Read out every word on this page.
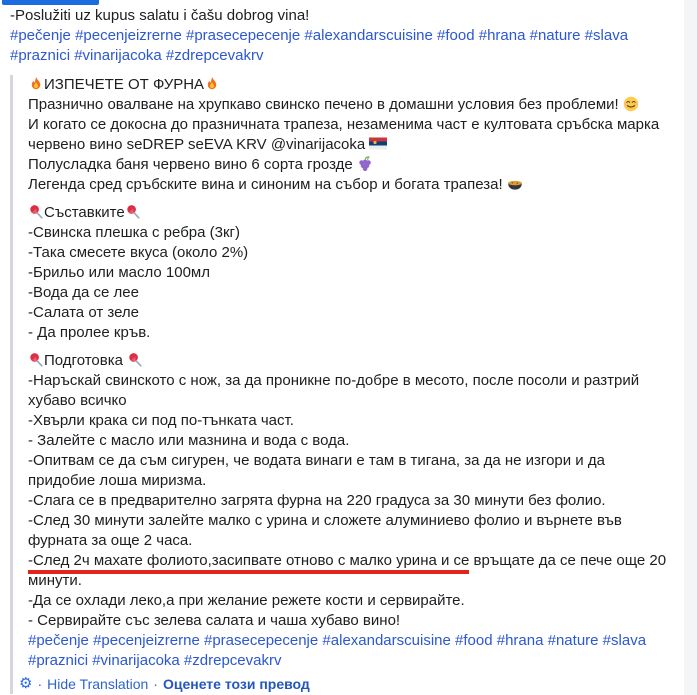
-Poslužiti uz kupus salatu i čašu dobrog vina!
#pečenje #pecenjeizrerne #prasecepecenje #alexandarscuisine #food #hrana #nature #slava #praznici #vinarijacoka #zdrepcevakrv
ИЗПЕЧЕТЕ ОТ ФУРНА
Празнично овалване на хрупкаво свинско печено в домашни условия без проблеми!
И когато се докосна до празничната трапеза, незаменима част е култовата сръбска марка червено вино seDREP seEVA KRV @vinarijacoka
Полусладка баня червено вино 6 сорта грозде
Легенда сред сръбските вина и синоним на събор и богата трапеза!
Съставките
-Свинска плешка с ребра (3кг)
-Така смесете вкуса (около 2%)
-Брильо или масло 100мл
-Вода да се лее
-Салата от зеле
- Да пролее кръв.
Подготовка
-Наръскай свинското с нож, за да проникне по-добре в месото, после посоли и разтрий хубаво всичко
-Хвърли крака си под по-тънката част.
- Залейте с масло или мазнина и вода с вода.
-Опитвам се да съм сигурен, че водата винаги е там в тигана, за да не изгори и да придобие лоша миризма.
-Слага се в предварително загрята фурна на 220 градуса за 30 минути без фолио.
-След 30 минути залейте малко с урина и сложете алуминиево фолио и върнете във фурната за още 2 часа.
-След 2ч махате фолиото,засипвате отново с малко урина и се връщате да се пече още 20 минути.
-Да се охлади леко,а при желание режете кости и сервирайте.
- Сервирайте със зелева салата и чаша хубаво вино!
#pečenje #pecenjeizrerne #prasecepecenje #alexandarscuisine #food #hrana #nature #slava #praznici #vinarijacoka #zdrepcevakrv
⚙ · Hide Translation · Оценете този превод
